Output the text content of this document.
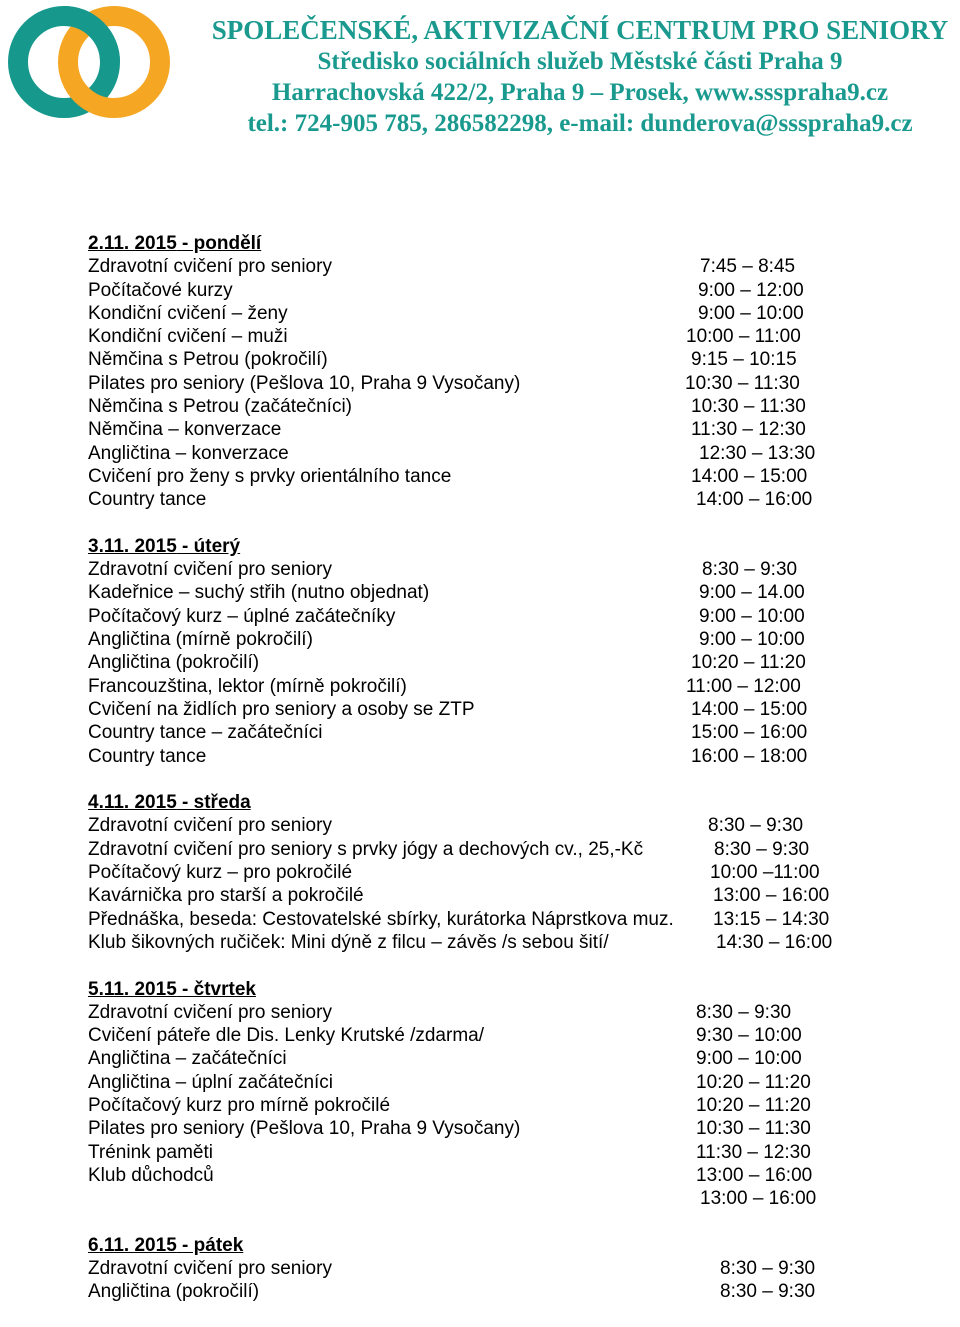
SPOLEČENSKÉ, AKTIVIZAČNÍ CENTRUM PRO SENIORY
Středisko sociálních služeb Městské části Praha 9
Harrachovská 422/2, Praha 9 – Prosek, www.ssspraha9.cz
tel.: 724-905 785, 286582298, e-mail: dunderova@ssspraha9.cz
2.11. 2015 - pondělí
Zdravotní cvičení pro seniory	7:45 – 8:45
Počítačové kurzy	9:00 – 12:00
Kondiční cvičení – ženy	9:00 – 10:00
Kondiční cvičení – muži	10:00 – 11:00
Němčina s Petrou (pokročilí)	9:15 – 10:15
Pilates pro seniory (Pešlova 10, Praha 9 Vysočany)	10:30 – 11:30
Němčina s Petrou (začátečníci)	10:30 – 11:30
Němčina – konverzace	11:30 – 12:30
Angličtina – konverzace	12:30 – 13:30
Cvičení pro ženy s prvky orientálního tance	14:00 – 15:00
Country tance	14:00 – 16:00
3.11. 2015 - úterý
Zdravotní cvičení pro seniory	8:30 – 9:30
Kadeřnice – suchý střih (nutno objednat)	9:00 – 14.00
Počítačový kurz – úplné začátečníky	9:00 – 10:00
Angličtina (mírně pokročilí)	9:00 – 10:00
Angličtina (pokročilí)	10:20 – 11:20
Francouzština, lektor (mírně pokročilí)	11:00 – 12:00
Cvičení na židlích pro seniory a osoby se ZTP	14:00 – 15:00
Country tance – začátečníci	15:00 – 16:00
Country tance	16:00 – 18:00
4.11. 2015 - středa
Zdravotní cvičení pro seniory	8:30 – 9:30
Zdravotní cvičení pro seniory s prvky jógy a dechových cv., 25,-Kč	8:30 – 9:30
Počítačový kurz – pro pokročilé	10:00 –11:00
Kavárnička pro starší a pokročilé	13:00 – 16:00
Přednáška, beseda: Cestovatelské sbírky, kurátorka Náprstkova muz. 13:15 – 14:30
Klub šikovných ručiček: Mini dýně z filcu – závěs /s sebou šití/	14:30 – 16:00
5.11. 2015 - čtvrtek
Zdravotní cvičení pro seniory	8:30 – 9:30
Cvičení páteře dle Dis. Lenky Krutské /zdarma/	9:30 – 10:00
Angličtina – začátečníci	9:00 – 10:00
Angličtina – úplní začátečníci	10:20 – 11:20
Počítačový kurz pro mírně pokročilé	10:20 – 11:20
Pilates pro seniory (Pešlova 10, Praha 9 Vysočany)	10:30 – 11:30
Trénink paměti	11:30 – 12:30
Klub důchodců	13:00 – 16:00
13:00 – 16:00
6.11. 2015 - pátek
Zdravotní cvičení pro seniory	8:30 – 9:30
Angličtina (pokročilí)	8:30 – 9:30
